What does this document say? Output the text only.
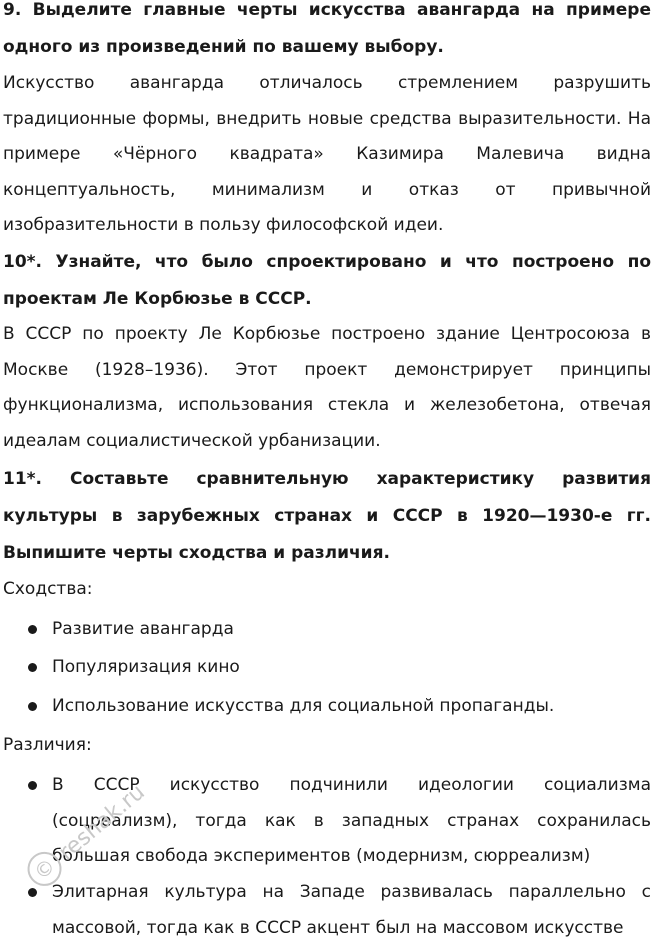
9. Выделите главные черты искусства авангарда на примере одного из произведений по вашему выбору.

Искусство авангарда отличалось стремлением разрушить традиционные формы, внедрить новые средства выразительности. На примере «Чёрного квадрата» Казимира Малевича видна концептуальность, минимализм и отказ от привычной изобразительности в пользу философской идеи.

10*. Узнайте, что было спроектировано и что построено по проектам Ле Корбюзье в СССР.

В СССР по проекту Ле Корбюзье построено здание Центросоюза в Москве (1928–1936). Этот проект демонстрирует принципы функционализма, использования стекла и железобетона, отвечая идеалам социалистической урбанизации.

11*. Составьте сравнительную характеристику развития культуры в зарубежных странах и СССР в 1920—1930-е гг. Выпишите черты сходства и различия.

Сходства:

Развитие авангарда
Популяризация кино
Использование искусства для социальной пропаганды.

Различия:

В СССР искусство подчинили идеологии социализма (соцреализм), тогда как в западных странах сохранилась большая свобода экспериментов (модернизм, сюрреализм)
Элитарная культура на Западе развивалась параллельно с массовой, тогда как в СССР акцент был на массовом искусстве
©
reshak.ru
